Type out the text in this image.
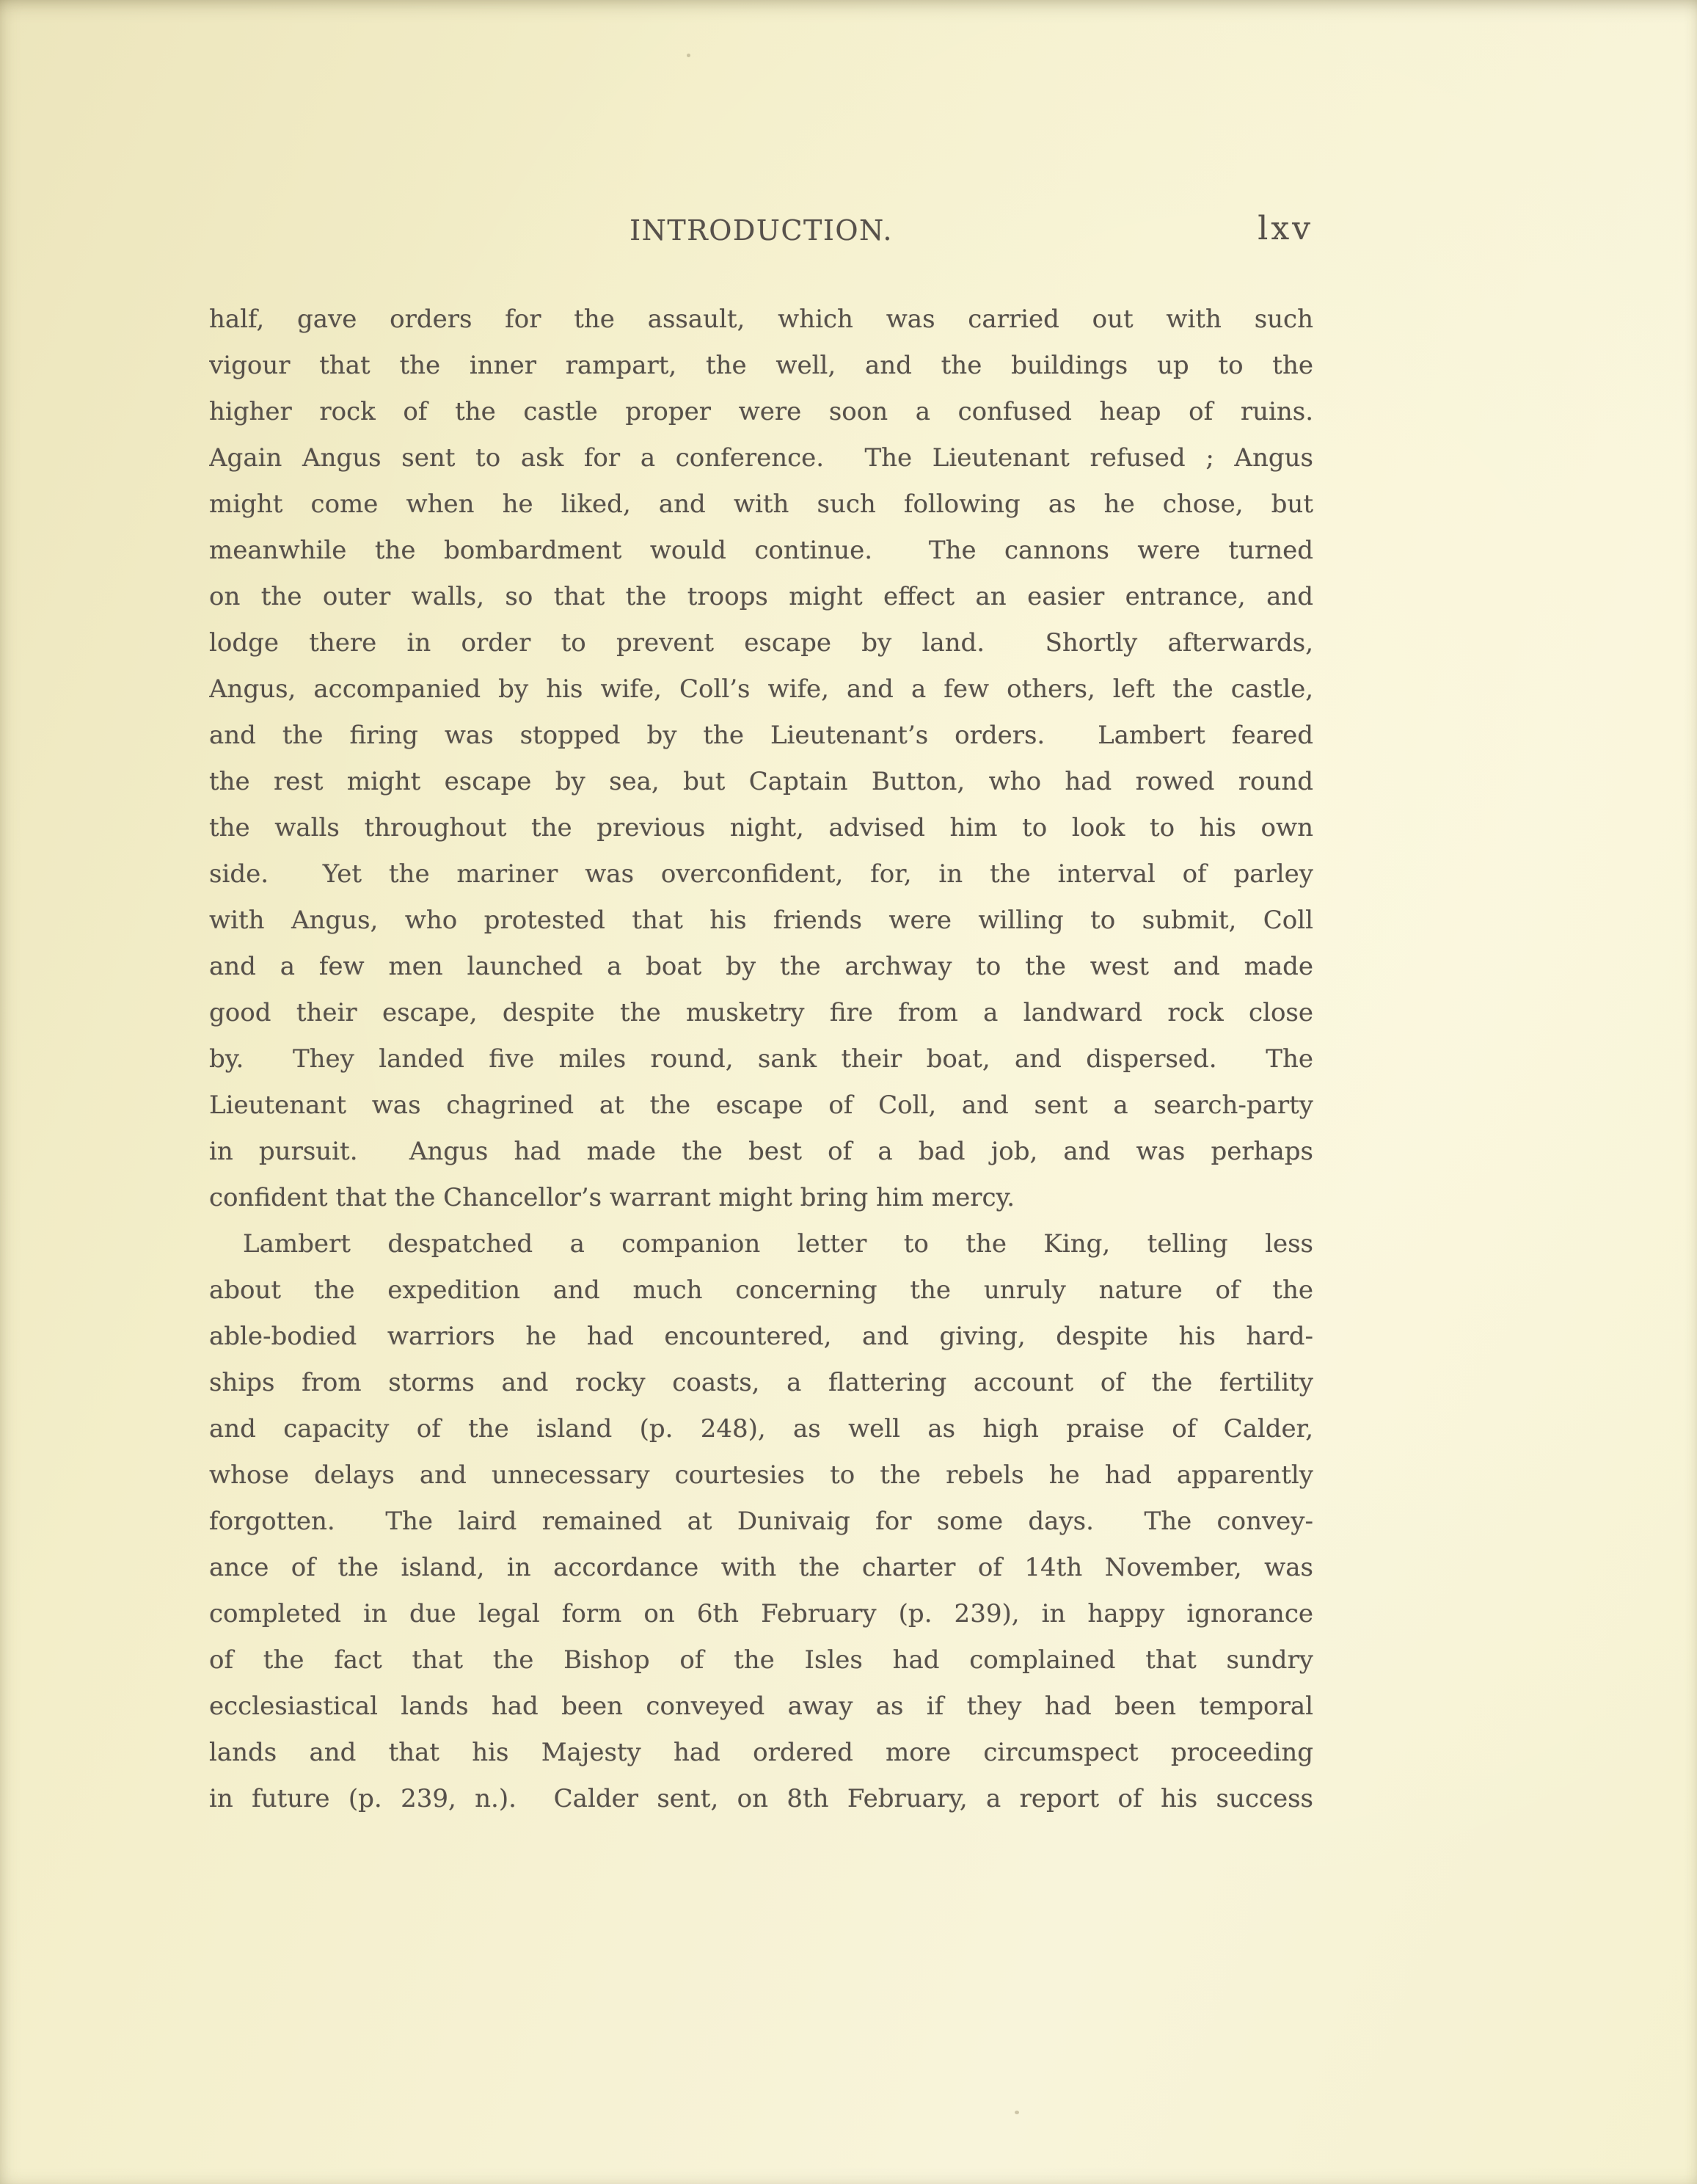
INTRODUCTION.	lxv
half, gave orders for the assault, which was carried out with such
vigour that the inner rampart, the well, and the buildings up to the
higher rock of the castle proper were soon a confused heap of ruins.
Again Angus sent to ask for a conference.  The Lieutenant refused ; Angus
might come when he liked, and with such following as he chose, but
meanwhile the bombardment would continue.  The cannons were turned
on the outer walls, so that the troops might effect an easier entrance, and
lodge there in order to prevent escape by land.  Shortly afterwards,
Angus, accompanied by his wife, Coll’s wife, and a few others, left the castle,
and the firing was stopped by the Lieutenant’s orders.  Lambert feared
the rest might escape by sea, but Captain Button, who had rowed round
the walls throughout the previous night, advised him to look to his own
side.  Yet the mariner was overconfident, for, in the interval of parley
with Angus, who protested that his friends were willing to submit, Coll
and a few men launched a boat by the archway to the west and made
good their escape, despite the musketry fire from a landward rock close
by.  They landed five miles round, sank their boat, and dispersed.  The
Lieutenant was chagrined at the escape of Coll, and sent a search-party
in pursuit.  Angus had made the best of a bad job, and was perhaps
confident that the Chancellor’s warrant might bring him mercy.
Lambert despatched a companion letter to the King, telling less
about the expedition and much concerning the unruly nature of the
able-bodied warriors he had encountered, and giving, despite his hard-
ships from storms and rocky coasts, a flattering account of the fertility
and capacity of the island (p. 248), as well as high praise of Calder,
whose delays and unnecessary courtesies to the rebels he had apparently
forgotten.  The laird remained at Dunivaig for some days.  The convey-
ance of the island, in accordance with the charter of 14th November, was
completed in due legal form on 6th February (p. 239), in happy ignorance
of the fact that the Bishop of the Isles had complained that sundry
ecclesiastical lands had been conveyed away as if they had been temporal
lands and that his Majesty had ordered more circumspect proceeding
in future (p. 239, n.).  Calder sent, on 8th February, a report of his success
